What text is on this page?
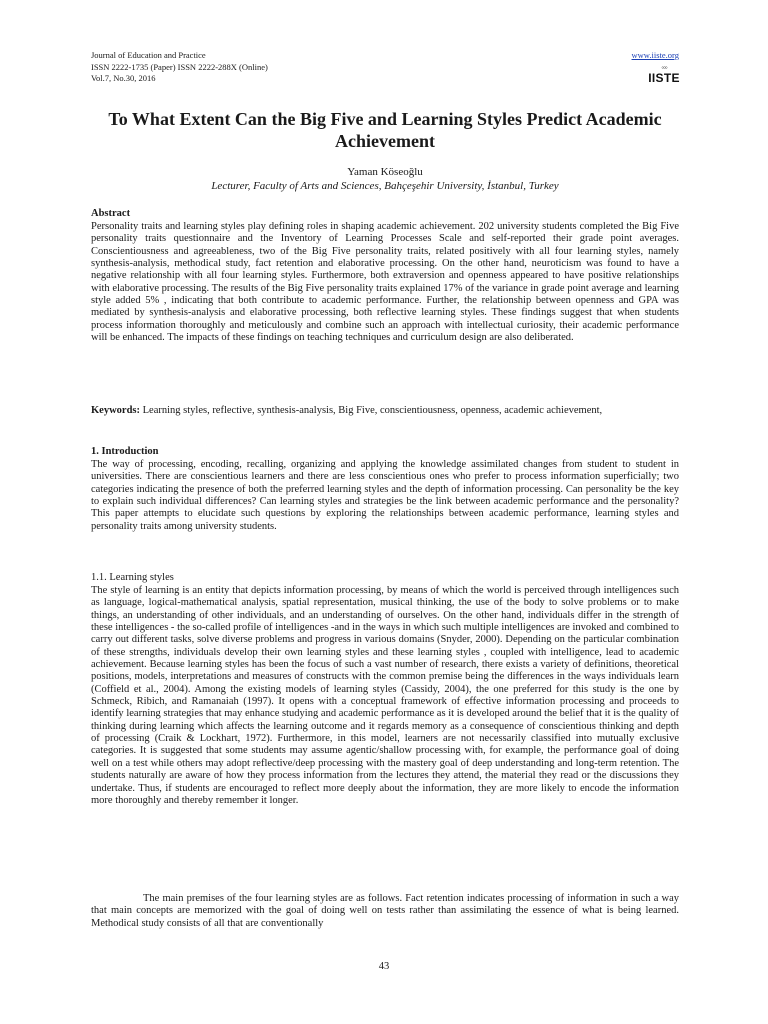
Journal of Education and Practice
ISSN 2222-1735 (Paper) ISSN 2222-288X (Online)
Vol.7, No.30, 2016
www.iiste.org
◦◦◦
IISTE
To What Extent Can the Big Five and Learning Styles Predict Academic Achievement
Yaman Köseoğlu
Lecturer, Faculty of Arts and Sciences, Bahçeşehir University, İstanbul, Turkey
Abstract
Personality traits and learning styles play defining roles in shaping academic achievement. 202 university students completed the Big Five personality traits questionnaire and the Inventory of Learning Processes Scale and self-reported their grade point averages. Conscientiousness and agreeableness, two of the Big Five personality traits, related positively with all four learning styles, namely synthesis-analysis, methodical study, fact retention and elaborative processing. On the other hand, neuroticism was found to have a negative relationship with all four learning styles. Furthermore, both extraversion and openness appeared to have positive relationships with elaborative processing. The results of the Big Five personality traits explained 17% of the variance in grade point average and learning style added 5% , indicating that both contribute to academic performance. Further, the relationship between openness and GPA was mediated by synthesis-analysis and elaborative processing, both reflective learning styles. These findings suggest that when students process information thoroughly and meticulously and combine such an approach with intellectual curiosity, their academic performance will be enhanced. The impacts of these findings on teaching techniques and curriculum design are also deliberated.
Keywords: Learning styles, reflective, synthesis-analysis, Big Five, conscientiousness, openness, academic achievement,
1. Introduction
The way of processing, encoding, recalling, organizing and applying the knowledge assimilated changes from student to student in universities. There are conscientious learners and there are less conscientious ones who prefer to process information superficially; two categories indicating the presence of both the preferred learning styles and the depth of information processing. Can personality be the key to explain such individual differences? Can learning styles and strategies be the link between academic performance and the personality? This paper attempts to elucidate such questions by exploring the relationships between academic performance, learning styles and personality traits among university students.
1.1. Learning styles
The style of learning is an entity that depicts information processing, by means of which the world is perceived through intelligences such as language, logical-mathematical analysis, spatial representation, musical thinking, the use of the body to solve problems or to make things, an understanding of other individuals, and an understanding of ourselves. On the other hand, individuals differ in the strength of these intelligences - the so-called profile of intelligences -and in the ways in which such multiple intelligences are invoked and combined to carry out different tasks, solve diverse problems and progress in various domains (Snyder, 2000). Depending on the particular combination of these strengths, individuals develop their own learning styles and these learning styles , coupled with intelligence, lead to academic achievement. Because learning styles has been the focus of such a vast number of research, there exists a variety of definitions, theoretical positions, models, interpretations and measures of constructs with the common premise being the differences in the ways individuals learn (Coffield et al., 2004). Among the existing models of learning styles (Cassidy, 2004), the one preferred for this study is the one by Schmeck, Ribich, and Ramanaiah (1997). It opens with a conceptual framework of effective information processing and proceeds to identify learning strategies that may enhance studying and academic performance as it is developed around the belief that it is the quality of thinking during learning which affects the learning outcome and it regards memory as a consequence of conscientious thinking and depth of processing (Craik & Lockhart, 1972). Furthermore, in this model, learners are not necessarily classified into mutually exclusive categories. It is suggested that some students may assume agentic/shallow processing with, for example, the performance goal of doing well on a test while others may adopt reflective/deep processing with the mastery goal of deep understanding and long-term retention. The students naturally are aware of how they process information from the lectures they attend, the material they read or the discussions they undertake. Thus, if students are encouraged to reflect more deeply about the information, they are more likely to encode the information more thoroughly and thereby remember it longer.
The main premises of the four learning styles are as follows. Fact retention indicates processing of information in such a way that main concepts are memorized with the goal of doing well on tests rather than assimilating the essence of what is being learned. Methodical study consists of all that are conventionally
43
